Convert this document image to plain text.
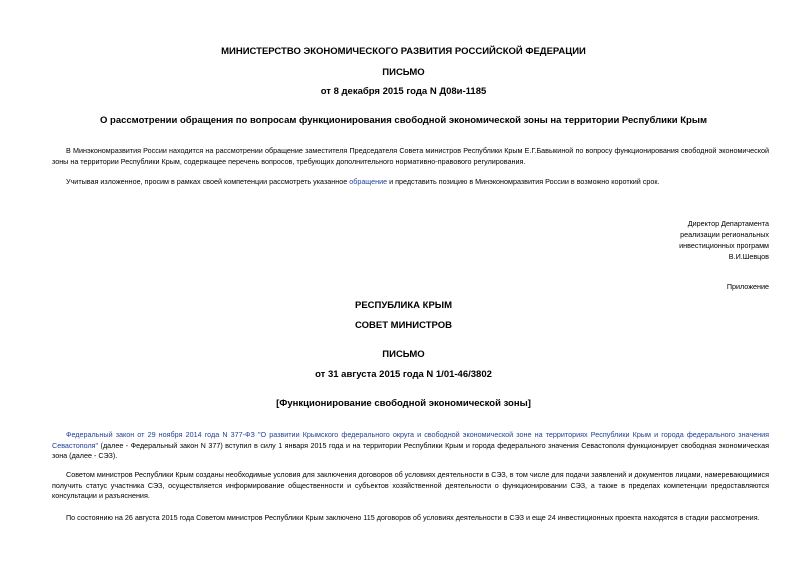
МИНИСТЕРСТВО ЭКОНОМИЧЕСКОГО РАЗВИТИЯ РОССИЙСКОЙ ФЕДЕРАЦИИ
ПИСЬМО
от 8 декабря 2015 года N Д08и-1185
О рассмотрении обращения по вопросам функционирования свободной экономической зоны на территории Республики Крым
В Минэкономразвития России находится на рассмотрении обращение заместителя Председателя Совета министров Республики Крым Е.Г.Бавыкиной по вопросу функционирования свободной экономической зоны на территории Республики Крым, содержащее перечень вопросов, требующих дополнительного нормативно-правового регулирования.
Учитывая изложенное, просим в рамках своей компетенции рассмотреть указанное обращение и представить позицию в Минэкономразвития России в возможно короткий срок.
Директор Департамента
реализации региональных
инвестиционных программ
В.И.Шевцов
Приложение
РЕСПУБЛИКА КРЫМ
СОВЕТ МИНИСТРОВ
ПИСЬМО
от 31 августа 2015 года N 1/01-46/3802
[Функционирование свободной экономической зоны]
Федеральный закон от 29 ноября 2014 года N 377-ФЗ "О развитии Крымского федерального округа и свободной экономической зоне на территориях Республики Крым и города федерального значения Севастополя" (далее - Федеральный закон N 377) вступил в силу 1 января 2015 года и на территории Республики Крым и города федерального значения Севастополя функционирует свободная экономическая зона (далее - СЭЗ).
Советом министров Республики Крым созданы необходимые условия для заключения договоров об условиях деятельности в СЭЗ, в том числе для подачи заявлений и документов лицами, намеревающимися получить статус участника СЭЗ, осуществляется информирование общественности и субъектов хозяйственной деятельности о функционировании СЭЗ, а также в пределах компетенции предоставляются консультации и разъяснения.
По состоянию на 26 августа 2015 года Советом министров Республики Крым заключено 115 договоров об условиях деятельности в СЭЗ и еще 24 инвестиционных проекта находятся в стадии рассмотрения.
